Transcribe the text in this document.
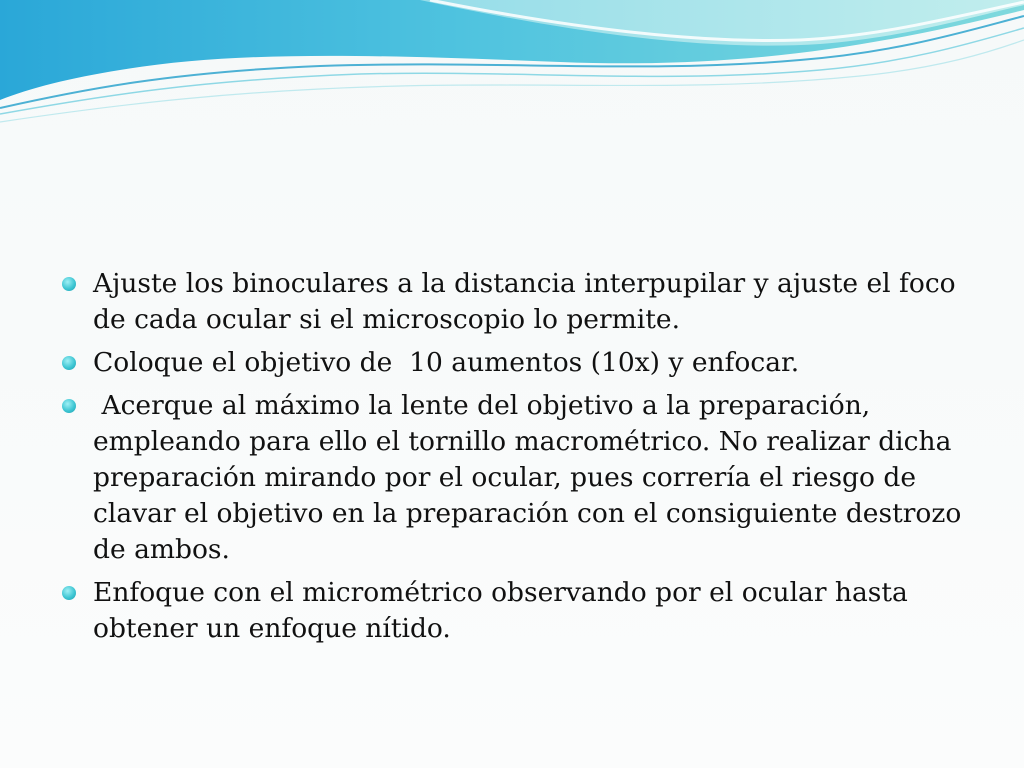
Ajuste los binoculares a la distancia interpupilar y ajuste el foco de cada ocular si el microscopio lo permite.
Coloque el objetivo de  10 aumentos (10x) y enfocar.
Acerque al máximo la lente del objetivo a la preparación, empleando para ello el tornillo macrométrico. No realizar dicha preparación mirando por el ocular, pues correría el riesgo de clavar el objetivo en la preparación con el consiguiente destrozo de ambos.
Enfoque con el micrométrico observando por el ocular hasta obtener un enfoque nítido.
